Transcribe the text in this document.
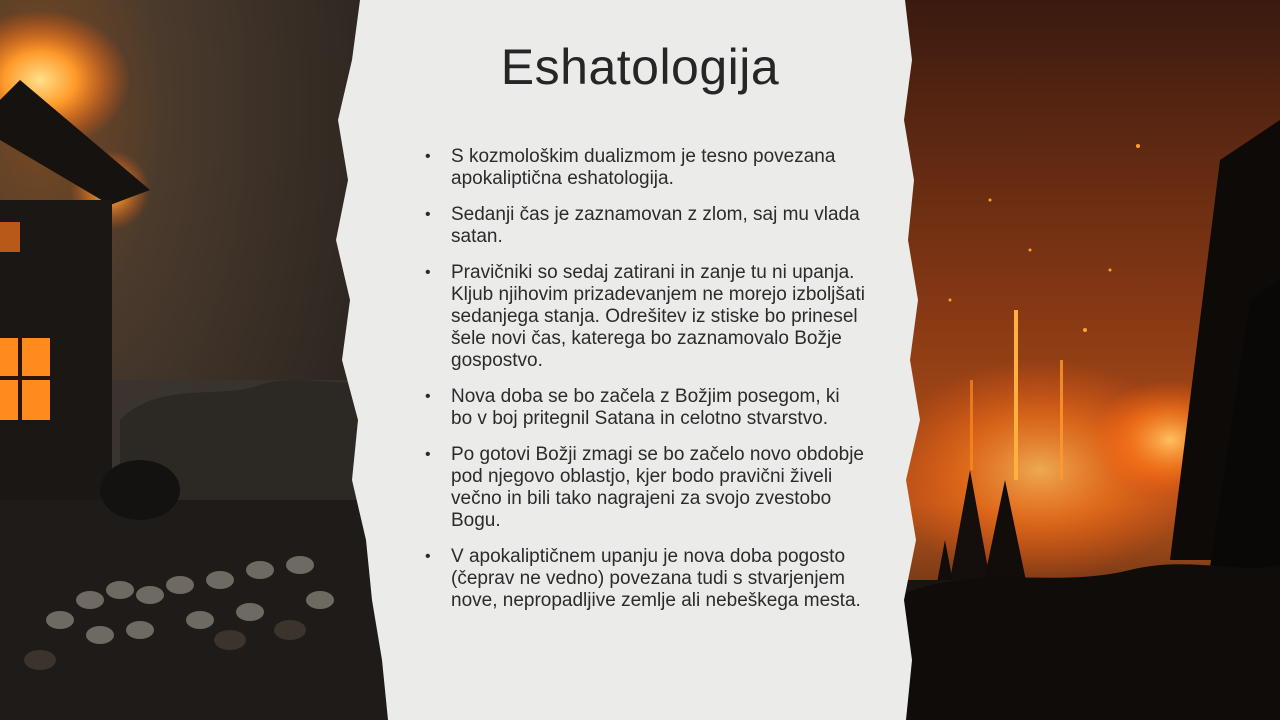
Eshatologija
•	S kozmološkim dualizmom je tesno povezana apokaliptična eshatologija.
•	Sedanji čas je zaznamovan z zlom, saj mu vlada satan.
•	Pravičniki so sedaj zatirani in zanje tu ni upanja. Kljub njihovim prizadevanjem ne morejo izboljšati sedanjega stanja. Odrešitev iz stiske bo prinesel šele novi čas, katerega bo zaznamovalo Božje gospostvo.
•	Nova doba se bo začela z Božjim posegom, ki bo v boj pritegnil Satana in celotno stvarstvo.
•	Po gotovi Božji zmagi se bo začelo novo obdobje pod njegovo oblastjo, kjer bodo pravični živeli večno in bili tako nagrajeni za svojo zvestobo Bogu.
•	V apokaliptičnem upanju je nova doba pogosto (čeprav ne vedno) povezana tudi s stvarjenjem nove, nepropadljive zemlje ali nebeškega mesta.
